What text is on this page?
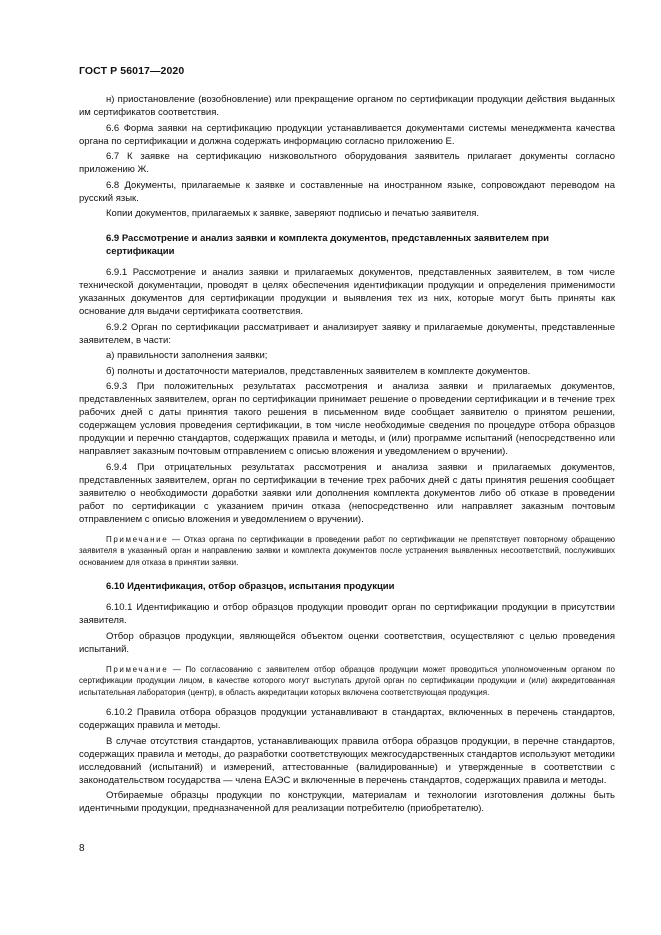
ГОСТ Р 56017—2020

н) приостановление (возобновление) или прекращение органом по сертификации продукции действия выданных им сертификатов соответствия.

6.6 Форма заявки на сертификацию продукции устанавливается документами системы менеджмента качества органа по сертификации и должна содержать информацию согласно приложению Е.

6.7 К заявке на сертификацию низковольтного оборудования заявитель прилагает документы согласно приложению Ж.

6.8 Документы, прилагаемые к заявке и составленные на иностранном языке, сопровождают переводом на русский язык.

Копии документов, прилагаемых к заявке, заверяют подписью и печатью заявителя.

6.9 Рассмотрение и анализ заявки и комплекта документов, представленных заявителем при сертификации

6.9.1 Рассмотрение и анализ заявки и прилагаемых документов, представленных заявителем, в том числе технической документации, проводят в целях обеспечения идентификации продукции и определения применимости указанных документов для сертификации продукции и выявления тех из них, которые могут быть приняты как основание для выдачи сертификата соответствия.

6.9.2 Орган по сертификации рассматривает и анализирует заявку и прилагаемые документы, представленные заявителем, в части:

а) правильности заполнения заявки;

б) полноты и достаточности материалов, представленных заявителем в комплекте документов.

6.9.3 При положительных результатах рассмотрения и анализа заявки и прилагаемых документов, представленных заявителем, орган по сертификации принимает решение о проведении сертификации и в течение трех рабочих дней с даты принятия такого решения в письменном виде сообщает заявителю о принятом решении, содержащем условия проведения сертификации, в том числе необходимые сведения по процедуре отбора образцов продукции и перечню стандартов, содержащих правила и методы, и (или) программе испытаний (непосредственно или направляет заказным почтовым отправлением с описью вложения и уведомлением о вручении).

6.9.4 При отрицательных результатах рассмотрения и анализа заявки и прилагаемых документов, представленных заявителем, орган по сертификации в течение трех рабочих дней с даты принятия решения сообщает заявителю о необходимости доработки заявки или дополнения комплекта документов либо об отказе в проведении работ по сертификации с указанием причин отказа (непосредственно или направляет заказным почтовым отправлением с описью вложения и уведомлением о вручении).

Примечание — Отказ органа по сертификации в проведении работ по сертификации не препятствует повторному обращению заявителя в указанный орган и направлению заявки и комплекта документов после устранения выявленных несоответствий, послуживших основанием для отказа в принятии заявки.
6.10 Идентификация, отбор образцов, испытания продукции

6.10.1 Идентификацию и отбор образцов продукции проводит орган по сертификации продукции в присутствии заявителя.

Отбор образцов продукции, являющейся объектом оценки соответствия, осуществляют с целью проведения испытаний.

Примечание — По согласованию с заявителем отбор образцов продукции может проводиться уполномоченным органом по сертификации продукции лицом, в качестве которого могут выступать другой орган по сертификации продукции и (или) аккредитованная испытательная лаборатория (центр), в область аккредитации которых включена соответствующая продукция.

6.10.2 Правила отбора образцов продукции устанавливают в стандартах, включенных в перечень стандартов, содержащих правила и методы.

В случае отсутствия стандартов, устанавливающих правила отбора образцов продукции, в перечне стандартов, содержащих правила и методы, до разработки соответствующих межгосударственных стандартов используют методики исследований (испытаний) и измерений, аттестованные (валидированные) и утвержденные в соответствии с законодательством государства — члена ЕАЭС и включенные в перечень стандартов, содержащих правила и методы.

Отбираемые образцы продукции по конструкции, материалам и технологии изготовления должны быть идентичными продукции, предназначенной для реализации потребителю (приобретателю).

8
